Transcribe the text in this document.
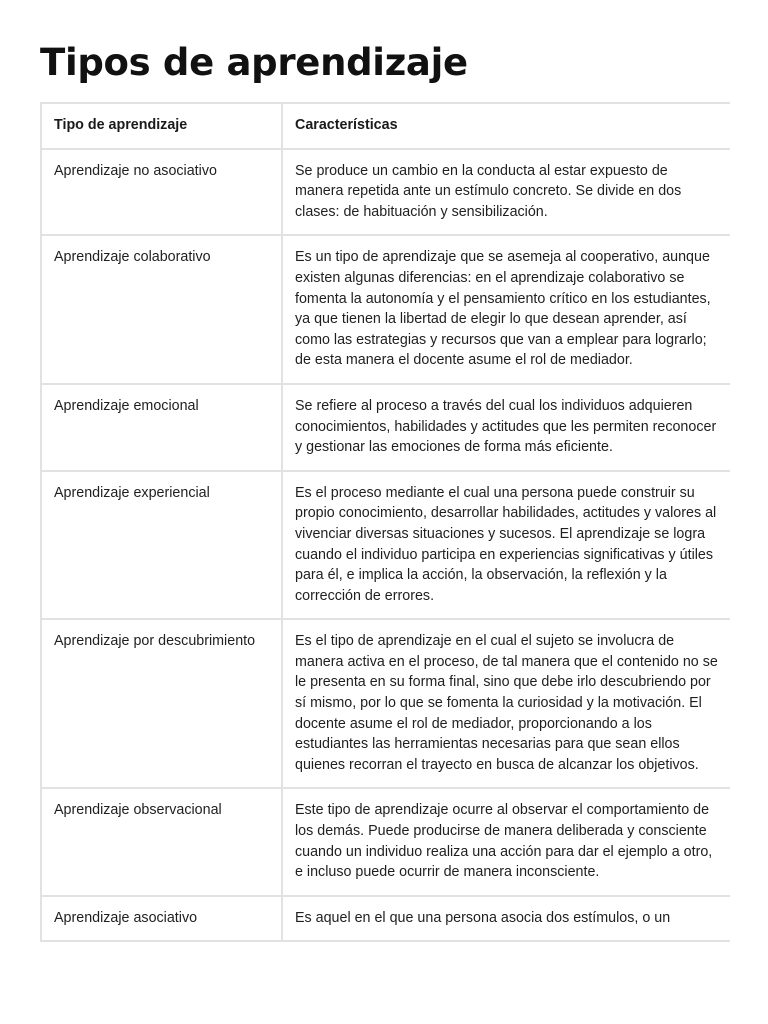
Tipos de aprendizaje
Tipo de aprendizaje	Características
Aprendizaje no asociativo	Se produce un cambio en la conducta al estar expuesto de manera repetida ante un estímulo concreto. Se divide en dos clases: de habituación y sensibilización.
Aprendizaje colaborativo	Es un tipo de aprendizaje que se asemeja al cooperativo, aunque existen algunas diferencias: en el aprendizaje colaborativo se fomenta la autonomía y el pensamiento crítico en los estudiantes, ya que tienen la libertad de elegir lo que desean aprender, así como las estrategias y recursos que van a emplear para lograrlo; de esta manera el docente asume el rol de mediador.
Aprendizaje emocional	Se refiere al proceso a través del cual los individuos adquieren conocimientos, habilidades y actitudes que les permiten reconocer y gestionar las emociones de forma más eficiente.
Aprendizaje experiencial	Es el proceso mediante el cual una persona puede construir su propio conocimiento, desarrollar habilidades, actitudes y valores al vivenciar diversas situaciones y sucesos. El aprendizaje se logra cuando el individuo participa en experiencias significativas y útiles para él, e implica la acción, la observación, la reflexión y la corrección de errores.
Aprendizaje por descubrimiento	Es el tipo de aprendizaje en el cual el sujeto se involucra de manera activa en el proceso, de tal manera que el contenido no se le presenta en su forma final, sino que debe irlo descubriendo por sí mismo, por lo que se fomenta la curiosidad y la motivación. El docente asume el rol de mediador, proporcionando a los estudiantes las herramientas necesarias para que sean ellos quienes recorran el trayecto en busca de alcanzar los objetivos.
Aprendizaje observacional	Este tipo de aprendizaje ocurre al observar el comportamiento de los demás. Puede producirse de manera deliberada y consciente cuando un individuo realiza una acción para dar el ejemplo a otro, e incluso puede ocurrir de manera inconsciente.
Aprendizaje asociativo	Es aquel en el que una persona asocia dos estímulos, o un
